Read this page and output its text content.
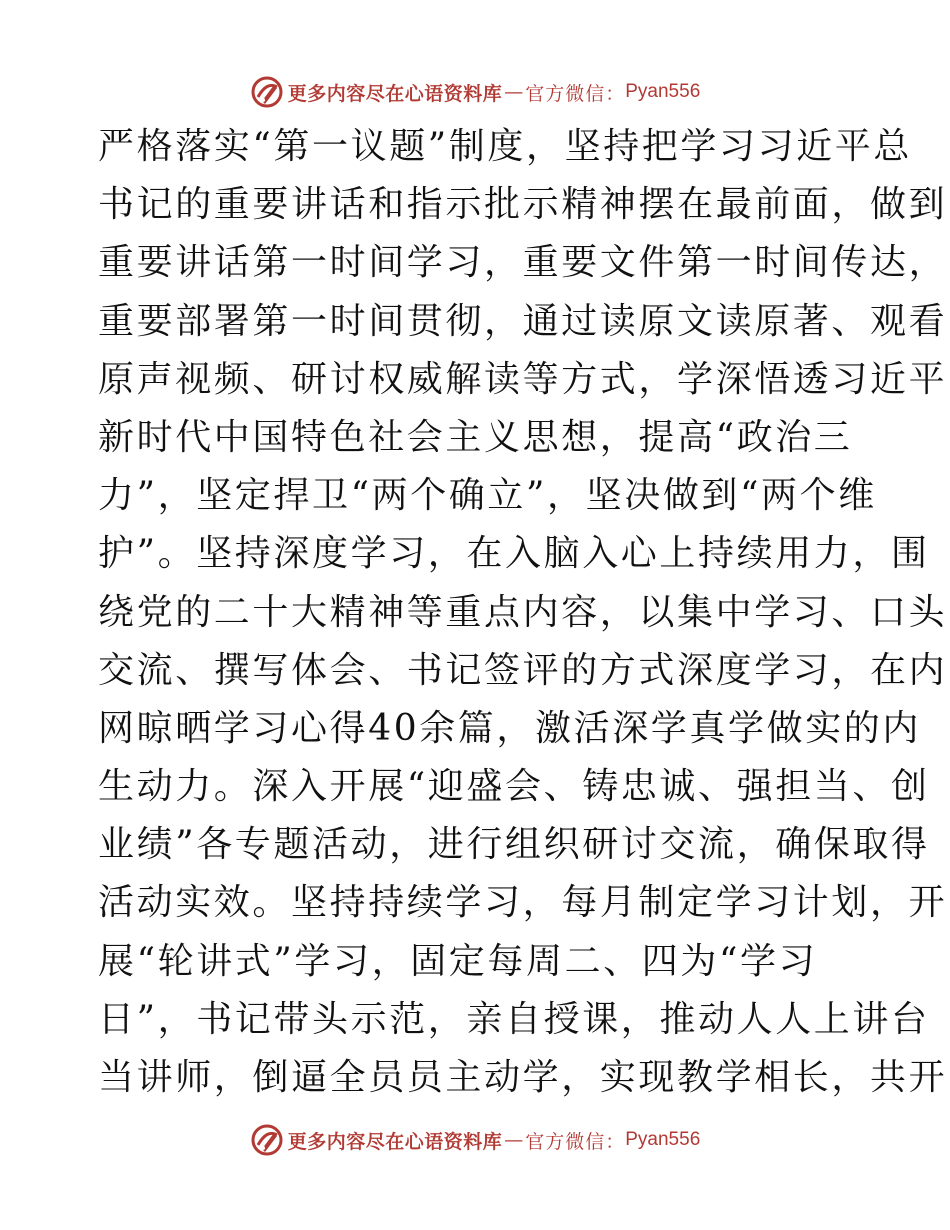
更多内容尽在心语资料库 — 官方微信： Pyan556
严格落实“第一议题”制度，坚持把学习习近平总
书记的重要讲话和指示批示精神摆在最前面，做到
重要讲话第一时间学习，重要文件第一时间传达，
重要部署第一时间贯彻，通过读原文读原著、观看
原声视频、研讨权威解读等方式，学深悟透习近平
新时代中国特色社会主义思想，提高“政治三
力”，坚定捍卫“两个确立”，坚决做到“两个维
护”。坚持深度学习，在入脑入心上持续用力，围
绕党的二十大精神等重点内容，以集中学习、口头
交流、撰写体会、书记签评的方式深度学习，在内
网晾晒学习心得40余篇，激活深学真学做实的内
生动力。深入开展“迎盛会、铸忠诚、强担当、创
业绩”各专题活动，进行组织研讨交流，确保取得
活动实效。坚持持续学习，每月制定学习计划，开
展“轮讲式”学习，固定每周二、四为“学习
日”，书记带头示范，亲自授课，推动人人上讲台
当讲师，倒逼全员员主动学，实现教学相长，共开
更多内容尽在心语资料库 — 官方微信： Pyan556
